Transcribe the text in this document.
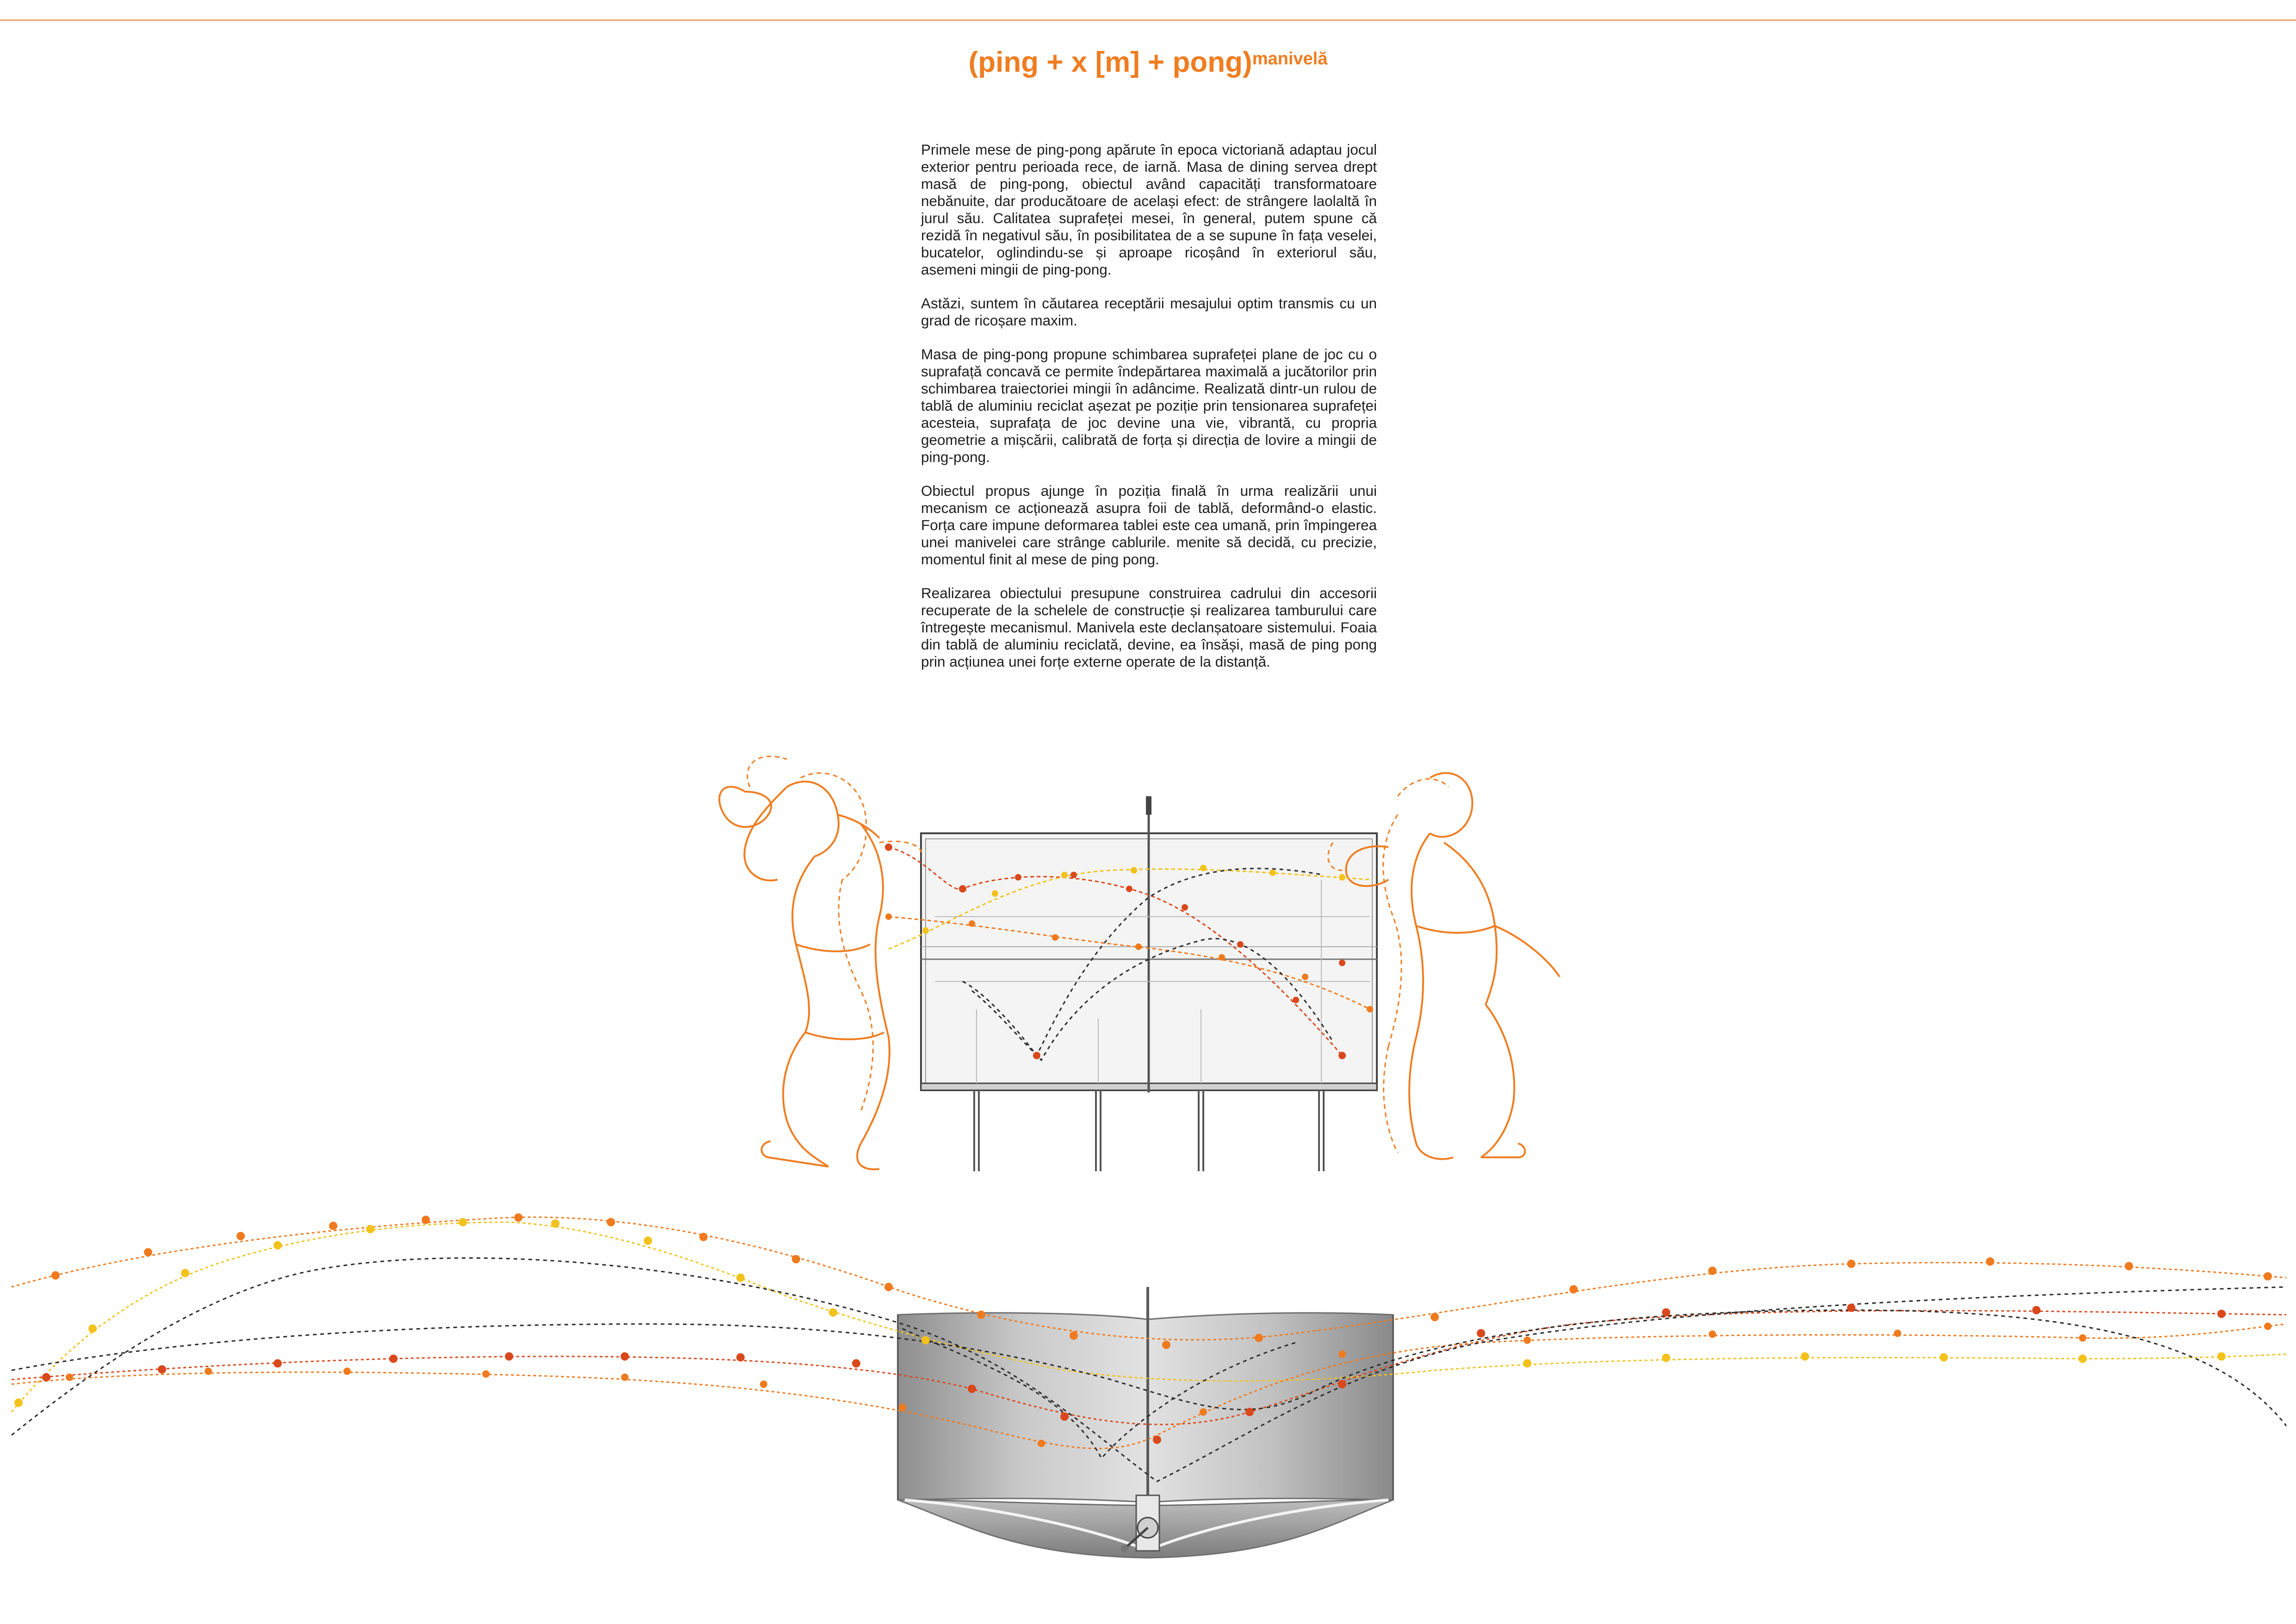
(ping + x [m] + pong)$^{manivelă}$

Primele mese de ping-pong apărute în epoca victoriană adaptau jocul exterior pentru perioada rece, de iarnă. Masa de dining servea drept masă de ping-pong, obiectul având capacități transformatoare nebănuite, dar producătoare de același efect: de strângere laolaltă în jurul său. Calitatea suprafeței mesei, în general, putem spune că rezidă în negativul său, în posibilitatea de a se supune în fața veselei, bucatelor, oglindindu-se și aproape ricoșând în exteriorul său, asemeni mingii de ping-pong.

Astăzi, suntem în căutarea receptării mesajului optim transmis cu un grad de ricoșare maxim.

Masa de ping-pong propune schimbarea suprafeței plane de joc cu o suprafață concavă ce permite îndepărtarea maximală a jucătorilor prin schimbarea traiectoriei mingii în adâncime. Realizată dintr-un rulou de tablă de aluminiu reciclat așezat pe poziție prin tensionarea suprafeței acesteia, suprafața de joc devine una vie, vibrantă, cu propria geometrie a mișcării, calibrată de forța și direcția de lovire a mingii de ping-pong.

Obiectul propus ajunge în poziția finală în urma realizării unui mecanism ce acționează asupra foii de tablă, deformând-o elastic. Forța care impune deformarea tablei este cea umană, prin împingerea unei manivelei care strânge cablurile. menite să decidă, cu precizie, momentul finit al mese de ping pong.

Realizarea obiectului presupune construirea cadrului din accesorii recuperate de la schelele de construcție și realizarea tamburului care întregește mecanismul. Manivela este declanșatoare sistemului. Foaia din tablă de aluminiu reciclată, devine, ea însăși, masă de ping pong prin acțiunea unei forțe externe operate de la distanță.
